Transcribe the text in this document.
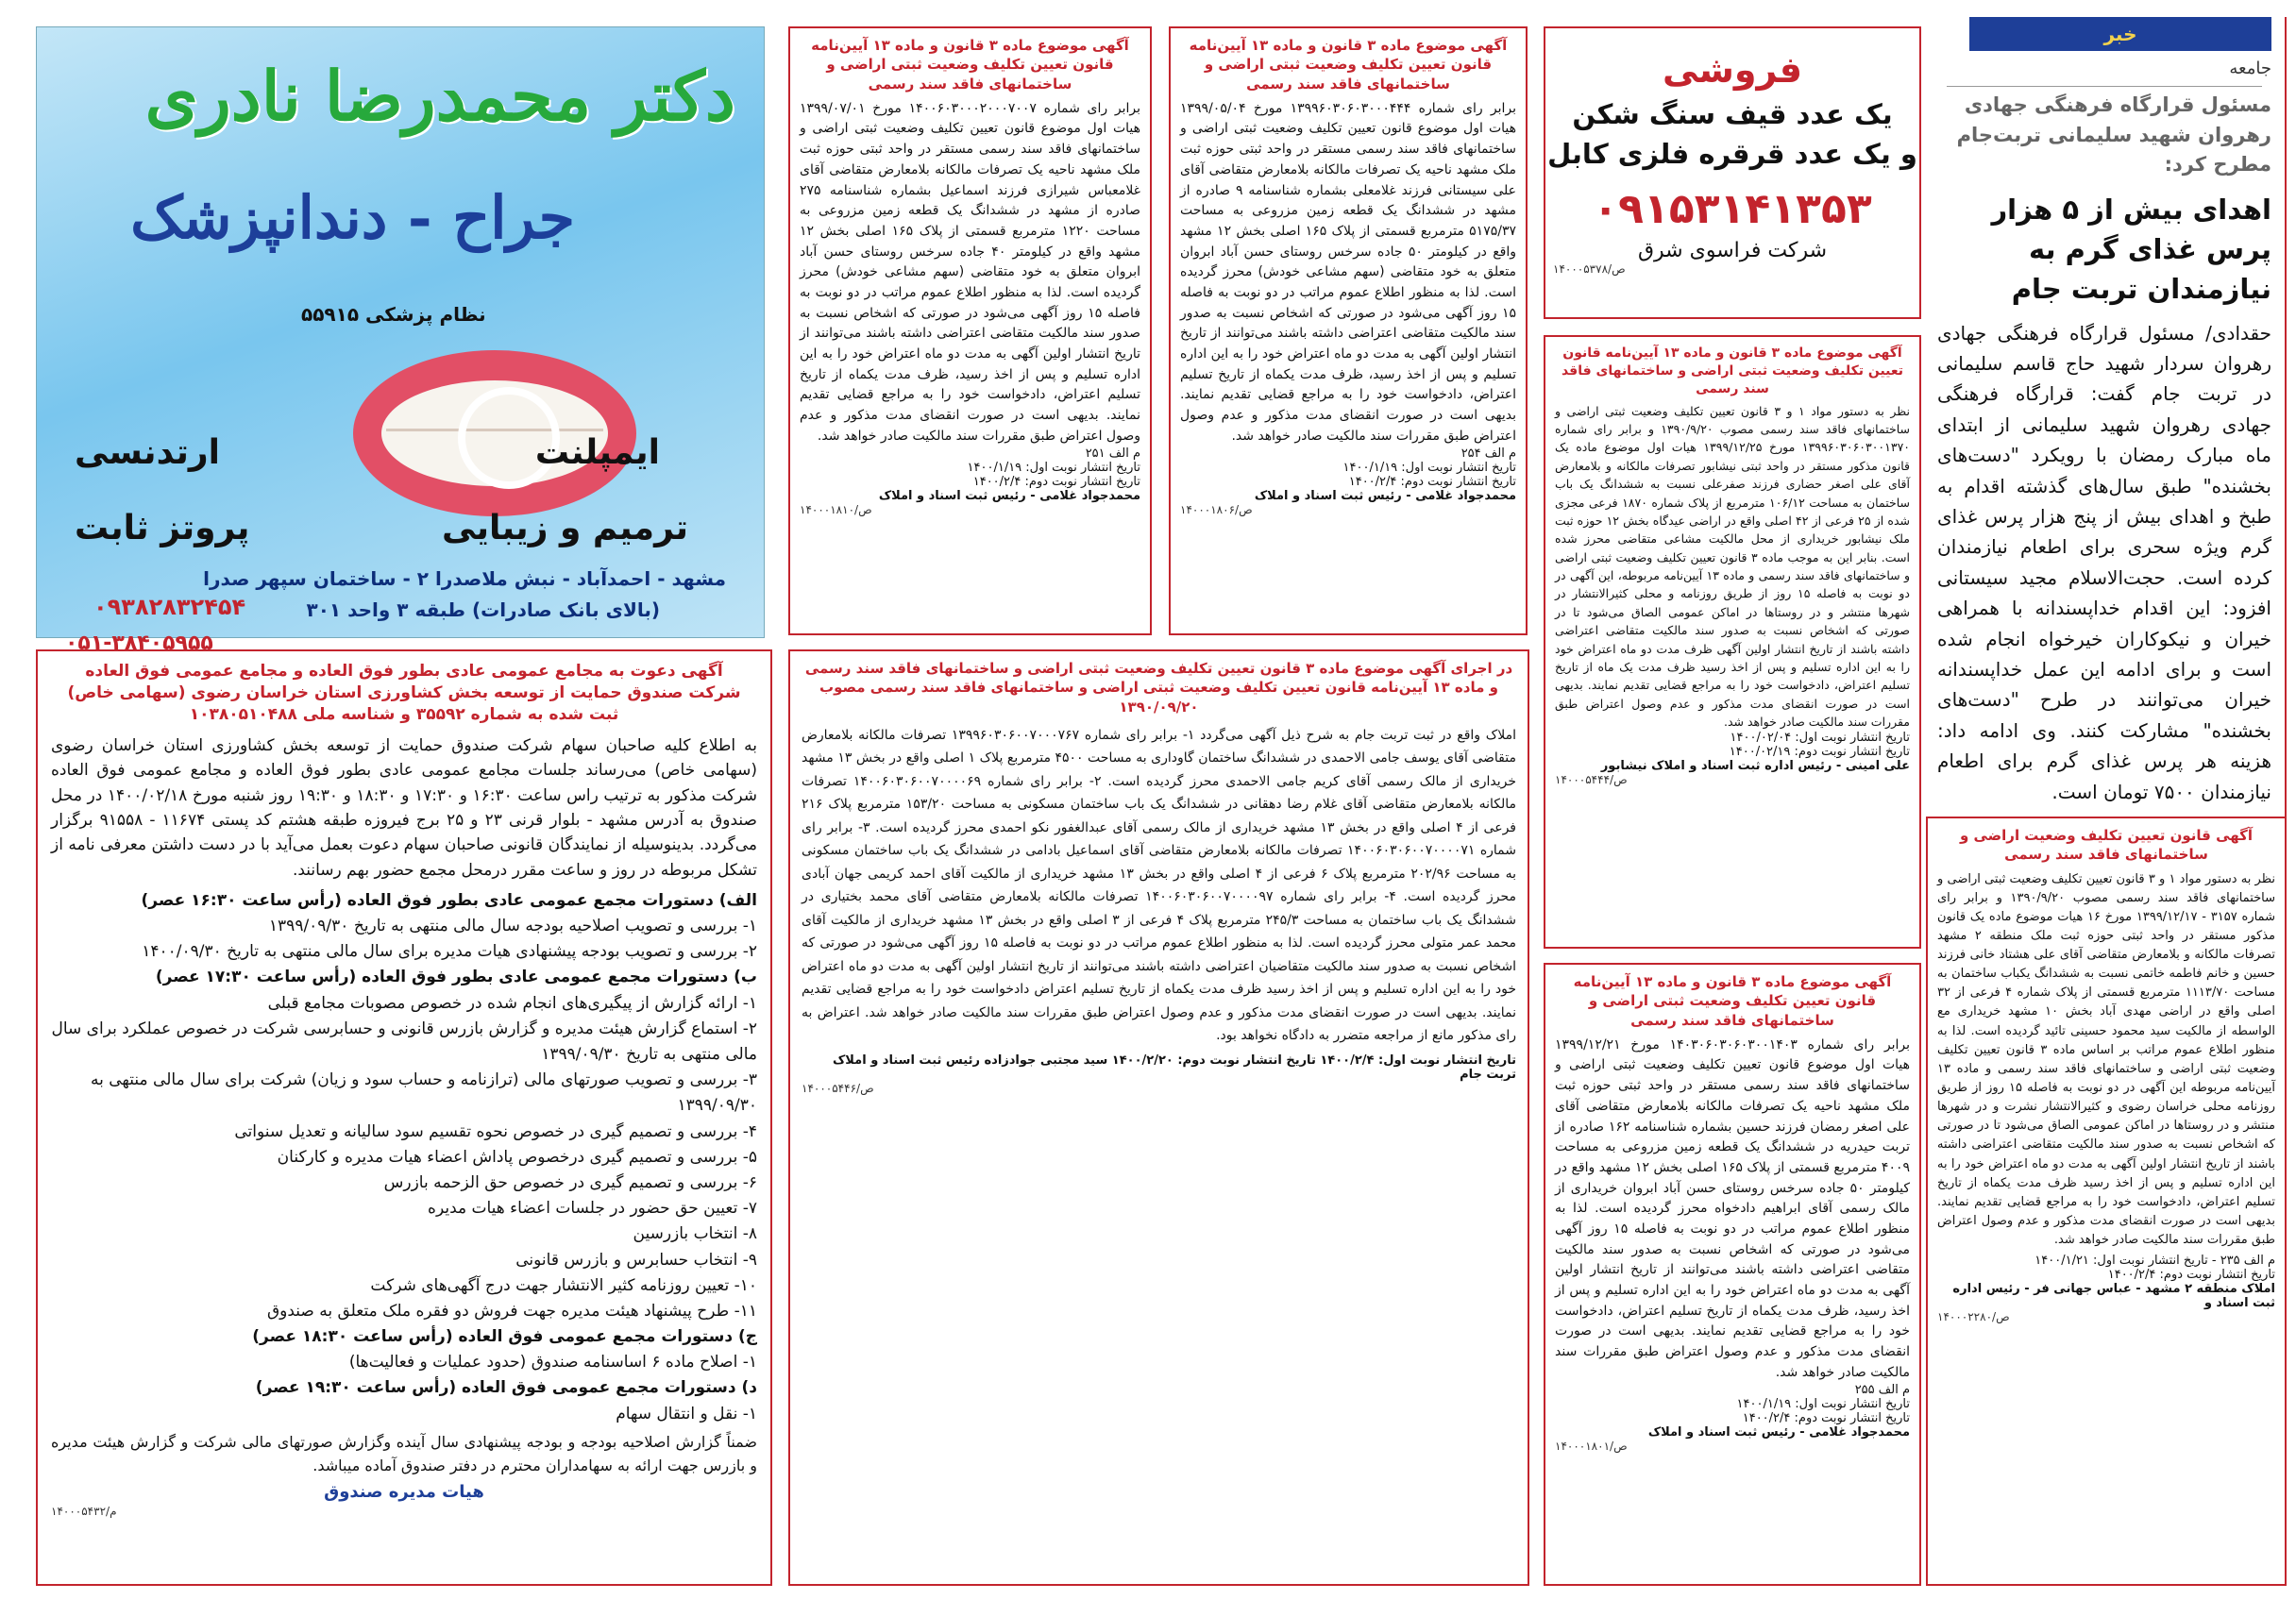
خبر
جامعه
مسئول قرارگاه فرهنگی جهادی رهروان شهید سلیمانی تربت‌جام مطرح کرد:
اهدای بیش از ۵ هزار پرس غذای گرم به نیازمندان تربت جام
حقدادی/ مسئول قرارگاه فرهنگی جهادی رهروان سردار شهید حاج قاسم سلیمانی در تربت جام گفت: قرارگاه فرهنگی جهادی رهروان شهید سلیمانی از ابتدای ماه مبارک رمضان با رویکرد "دست‌های بخشنده" طبق سال‌های گذشته اقدام به طبخ و اهدای بیش از پنج هزار پرس غذای گرم ویژه سحری برای اطعام نیازمندان کرده است. حجت‌الاسلام مجید سیستانی افزود: این اقدام خداپسندانه با همراهی خیران و نیکوکاران خیرخواه انجام شده است و برای ادامه این عمل خداپسندانه خیران می‌توانند در طرح "دست‌های بخشنده" مشارکت کنند. وی ادامه داد: هزینه هر پرس غذای گرم برای اطعام نیازمندان ۷۵۰۰ تومان است.
آگهی قانون تعیین تکلیف وضعیت اراضی و ساختمانهای فاقد سند رسمی
نظر به دستور مواد ۱ و ۳ قانون تعیین تکلیف وضعیت ثبتی اراضی و ساختمانهای فاقد سند رسمی مصوب ۱۳۹۰/۹/۲۰ و برابر رای شماره ۳۱۵۷ - ۱۳۹۹/۱۲/۱۷ مورخ ۱۶ هیات موضوع ماده یک قانون مذکور مستقر در واحد ثبتی حوزه ثبت ملک منطقه ۲ مشهد تصرفات مالکانه و بلامعارض متقاضی آقای علی هشتاد خانی فرزند حسین و خانم فاطمه خاتمی نسبت به ششدانگ یکباب ساختمان به مساحت ۱۱۱۳/۷۰ مترمربع قسمتی از پلاک شماره ۴ فرعی از ۳۲ اصلی واقع در اراضی مهدی آباد بخش ۱۰ مشهد خریداری مع الواسطه از مالکیت سید محمود حسینی تائید گردیده است. لذا به منظور اطلاع عموم مراتب بر اساس ماده ۳ قانون تعیین تکلیف وضعیت ثبتی اراضی و ساختمانهای فاقد سند رسمی و ماده ۱۳ آیین‌نامه مربوطه این آگهی در دو نوبت به فاصله ۱۵ روز از طریق روزنامه محلی خراسان رضوی و کثیرالانتشار نشرت و در شهرها منتشر و در روستاها در اماکن عمومی الصاق می‌شود تا در صورتی که اشخاص نسبت به صدور سند مالکیت متقاضی اعتراضی داشته باشند از تاریخ انتشار اولین آگهی به مدت دو ماه اعتراض خود را به این اداره تسلیم و پس از اخذ رسید ظرف مدت یکماه از تاریخ تسلیم اعتراض، دادخواست خود را به مراجع قضایی تقدیم نمایند. بدیهی است در صورت انقضای مدت مذکور و عدم وصول اعتراض طبق مقررات سند مالکیت صادر خواهد شد.
م الف ۲۳۵ - تاریخ انتشار نوبت اول: ۱۴۰۰/۱/۲۱
تاریخ انتشار نوبت دوم: ۱۴۰۰/۲/۴
املاک منطقه ۲ مشهد - عباس جهانی فر - رئیس اداره ثبت اسناد و
۱۴۰۰۰۲۲۸۰/ص
فروشی
یک عدد قیف سنگ شکن
و یک عدد قرقره فلزی کابل
۰۹۱۵۳۱۴۱۳۵۳
شرکت فراسوی شرق
۱۴۰۰۰۵۳۷۸/ص
آگهی موضوع ماده ۳ قانون و ماده ۱۳ آیین‌نامه قانون تعیین تکلیف وضعیت ثبتی اراضی و ساختمانهای فاقد سند رسمی
نظر به دستور مواد ۱ و ۳ قانون تعیین تکلیف وضعیت ثبتی اراضی و ساختمانهای فاقد سند رسمی مصوب ۱۳۹۰/۹/۲۰ و برابر رای شماره ۱۳۹۹۶۰۳۰۶۰۳۰۰۱۳۷۰ مورخ ۱۳۹۹/۱۲/۲۵ هیات اول موضوع ماده یک قانون مذکور مستقر در واحد ثبتی نیشابور تصرفات مالکانه و بلامعارض آقای علی اصغر حضاری فرزند صفرعلی نسبت به ششدانگ یک باب ساختمان به مساحت ۱۰۶/۱۲ مترمربع از پلاک شماره ۱۸۷۰ فرعی مجزی شده از ۲۵ فرعی از ۴۲ اصلی واقع در اراضی عیدگاه بخش ۱۲ حوزه ثبت ملک نیشابور خریداری از محل مالکیت مشاعی متقاضی محرز شده است. بنابر این به موجب ماده ۳ قانون تعیین تکلیف وضعیت ثبتی اراضی و ساختمانهای فاقد سند رسمی و ماده ۱۳ آیین‌نامه مربوطه، این آگهی در دو نوبت به فاصله ۱۵ روز از طریق روزنامه و محلی کثیرالانتشار در شهرها منتشر و در روستاها در اماکن عمومی الصاق می‌شود تا در صورتی که اشخاص نسبت به صدور سند مالکیت متقاضی اعتراضی داشته باشند از تاریخ انتشار اولین آگهی ظرف مدت دو ماه اعتراض خود را به این اداره تسلیم و پس از اخذ رسید ظرف مدت یک ماه از تاریخ تسلیم اعتراض، دادخواست خود را به مراجع قضایی تقدیم نمایند. بدیهی است در صورت انقضای مدت مذکور و عدم وصول اعتراض طبق مقررات سند مالکیت صادر خواهد شد.
تاریخ انتشار نوبت اول: ۱۴۰۰/۰۲/۰۴
تاریخ انتشار نوبت دوم: ۱۴۰۰/۰۲/۱۹
علی امینی - رئیس اداره ثبت اسناد و املاک نیشابور
۱۴۰۰۰۵۴۴۴/ص
آگهی موضوع ماده ۳ قانون و ماده ۱۳ آیین‌نامه قانون تعیین تکلیف وضعیت ثبتی اراضی و ساختمانهای فاقد سند رسمی
برابر رای شماره ۱۴۰۳۰۶۰۳۰۶۰۳۰۰۱۴۰۳ مورخ ۱۳۹۹/۱۲/۲۱ هیات اول موضوع قانون تعیین تکلیف وضعیت ثبتی اراضی و ساختمانهای فاقد سند رسمی مستقر در واحد ثبتی حوزه ثبت ملک مشهد ناحیه یک تصرفات مالکانه بلامعارض متقاضی آقای علی اصغر رمضان فرزند حسین بشماره شناسنامه ۱۶۲ صادره از تربت حیدریه در ششدانگ یک قطعه زمین مزروعی به مساحت ۴۰۰۹ مترمربع قسمتی از پلاک ۱۶۵ اصلی بخش ۱۲ مشهد واقع در کیلومتر ۵۰ جاده سرخس روستای حسن آباد ابروان خریداری از مالک رسمی آقای ابراهیم دادخواه محرز گردیده است. لذا به منظور اطلاع عموم مراتب در دو نوبت به فاصله ۱۵ روز آگهی می‌شود در صورتی که اشخاص نسبت به صدور سند مالکیت متقاضی اعتراضی داشته باشند می‌توانند از تاریخ انتشار اولین آگهی به مدت دو ماه اعتراض خود را به این اداره تسلیم و پس از اخذ رسید، ظرف مدت یکماه از تاریخ تسلیم اعتراض، دادخواست خود را به مراجع قضایی تقدیم نمایند. بدیهی است در صورت انقضای مدت مذکور و عدم وصول اعتراض طبق مقررات سند مالکیت صادر خواهد شد.
م الف ۲۵۵
تاریخ انتشار نوبت اول: ۱۴۰۰/۱/۱۹
تاریخ انتشار نوبت دوم: ۱۴۰۰/۲/۴
محمدجواد غلامی - رئیس ثبت اسناد و املاک
۱۴۰۰۰۱۸۰۱/ص
آگهی موضوع ماده ۳ قانون و ماده ۱۳ آیین‌نامه قانون تعیین تکلیف وضعیت ثبتی اراضی و ساختمانهای فاقد سند رسمی
برابر رای شماره ۱۳۹۹۶۰۳۰۶۰۳۰۰۰۴۴۴ مورخ ۱۳۹۹/۰۵/۰۴ هیات اول موضوع قانون تعیین تکلیف وضعیت ثبتی اراضی و ساختمانهای فاقد سند رسمی مستقر در واحد ثبتی حوزه ثبت ملک مشهد ناحیه یک تصرفات مالکانه بلامعارض متقاضی آقای علی سیستانی فرزند غلامعلی بشماره شناسنامه ۹ صادره از مشهد در ششدانگ یک قطعه زمین مزروعی به مساحت ۵۱۷۵/۳۷ مترمربع قسمتی از پلاک ۱۶۵ اصلی بخش ۱۲ مشهد واقع در کیلومتر ۵۰ جاده سرخس روستای حسن آباد ابروان متعلق به خود متقاضی (سهم مشاعی خودش) محرز گردیده است. لذا به منظور اطلاع عموم مراتب در دو نوبت به فاصله ۱۵ روز آگهی می‌شود در صورتی که اشخاص نسبت به صدور سند مالکیت متقاضی اعتراضی داشته باشند می‌توانند از تاریخ انتشار اولین آگهی به مدت دو ماه اعتراض خود را به این اداره تسلیم و پس از اخذ رسید، ظرف مدت یکماه از تاریخ تسلیم اعتراض، دادخواست خود را به مراجع قضایی تقدیم نمایند. بدیهی است در صورت انقضای مدت مذکور و عدم وصول اعتراض طبق مقررات سند مالکیت صادر خواهد شد.
م الف ۲۵۴
تاریخ انتشار نوبت اول: ۱۴۰۰/۱/۱۹
تاریخ انتشار نوبت دوم: ۱۴۰۰/۲/۴
محمدجواد غلامی - رئیس ثبت اسناد و املاک
۱۴۰۰۰۱۸۰۶/ص
آگهی موضوع ماده ۳ قانون و ماده ۱۳ آیین‌نامه قانون تعیین تکلیف وضعیت ثبتی اراضی و ساختمانهای فاقد سند رسمی
برابر رای شماره ۱۴۰۰۶۰۳۰۰۰۲۰۰۰۷۰۰۷ مورخ ۱۳۹۹/۰۷/۰۱ هیات اول موضوع قانون تعیین تکلیف وضعیت ثبتی اراضی و ساختمانهای فاقد سند رسمی مستقر در واحد ثبتی حوزه ثبت ملک مشهد ناحیه یک تصرفات مالکانه بلامعارض متقاضی آقای غلامعباس شیرازی فرزند اسماعیل بشماره شناسنامه ۲۷۵ صادره از مشهد در ششدانگ یک قطعه زمین مزروعی به مساحت ۱۲۲۰ مترمربع قسمتی از پلاک ۱۶۵ اصلی بخش ۱۲ مشهد واقع در کیلومتر ۴۰ جاده سرخس روستای حسن آباد ابروان متعلق به خود متقاضی (سهم مشاعی خودش) محرز گردیده است. لذا به منظور اطلاع عموم مراتب در دو نوبت به فاصله ۱۵ روز آگهی می‌شود در صورتی که اشخاص نسبت به صدور سند مالکیت متقاضی اعتراضی داشته باشند می‌توانند از تاریخ انتشار اولین آگهی به مدت دو ماه اعتراض خود را به این اداره تسلیم و پس از اخذ رسید، ظرف مدت یکماه از تاریخ تسلیم اعتراض، دادخواست خود را به مراجع قضایی تقدیم نمایند. بدیهی است در صورت انقضای مدت مذکور و عدم وصول اعتراض طبق مقررات سند مالکیت صادر خواهد شد.
م الف ۲۵۱
تاریخ انتشار نوبت اول: ۱۴۰۰/۱/۱۹
تاریخ انتشار نوبت دوم: ۱۴۰۰/۲/۴
محمدجواد غلامی - رئیس ثبت اسناد و املاک
۱۴۰۰۰۱۸۱۰/ص
در اجرای آگهی موضوع ماده ۳ قانون تعیین تکلیف وضعیت ثبتی اراضی و ساختمانهای فاقد سند رسمی و ماده ۱۳ آیین‌نامه قانون تعیین تکلیف وضعیت ثبتی اراضی و ساختمانهای فاقد سند رسمی مصوب ۱۳۹۰/۰۹/۲۰
املاک واقع در ثبت تربت جام به شرح ذیل آگهی می‌گردد ۱- برابر رای شماره ۱۳۹۹۶۰۳۰۶۰۰۷۰۰۰۷۶۷ تصرفات مالکانه بلامعارض متقاضی آقای یوسف جامی الاحمدی در ششدانگ ساختمان گاوداری به مساحت ۴۵۰۰ مترمربع پلاک ۱ اصلی واقع در بخش ۱۳ مشهد خریداری از مالک رسمی آقای کریم جامی الاحمدی محرز گردیده است. ۲- برابر رای شماره ۱۴۰۰۶۰۳۰۶۰۰۷۰۰۰۰۶۹ تصرفات مالکانه بلامعارض متقاضی آقای غلام رضا دهقانی در ششدانگ یک باب ساختمان مسکونی به مساحت ۱۵۳/۲۰ مترمربع پلاک ۲۱۶ فرعی از ۴ اصلی واقع در بخش ۱۳ مشهد خریداری از مالک رسمی آقای عبدالغفور نکو احمدی محرز گردیده است. ۳- برابر رای شماره ۱۴۰۰۶۰۳۰۶۰۰۷۰۰۰۰۷۱ تصرفات مالکانه بلامعارض متقاضی آقای اسماعیل بادامی در ششدانگ یک باب ساختمان مسکونی به مساحت ۲۰۲/۹۶ مترمربع پلاک ۶ فرعی از ۴ اصلی واقع در بخش ۱۳ مشهد خریداری از مالکیت آقای احمد کریمی جهان آبادی محرز گردیده است. ۴- برابر رای شماره ۱۴۰۰۶۰۳۰۶۰۰۷۰۰۰۰۹۷ تصرفات مالکانه بلامعارض متقاضی آقای محمد بختیاری در ششدانگ یک باب ساختمان به مساحت ۲۴۵/۳ مترمربع پلاک ۴ فرعی از ۳ اصلی واقع در بخش ۱۳ مشهد خریداری از مالکیت آقای محمد عمر متولی محرز گردیده است. لذا به منظور اطلاع عموم مراتب در دو نوبت به فاصله ۱۵ روز آگهی می‌شود در صورتی که اشخاص نسبت به صدور سند مالکیت متقاضیان اعتراضی داشته باشند می‌توانند از تاریخ انتشار اولین آگهی به مدت دو ماه اعتراض خود را به این اداره تسلیم و پس از اخذ رسید ظرف مدت یکماه از تاریخ تسلیم اعتراض دادخواست خود را به مراجع قضایی تقدیم نمایند. بدیهی است در صورت انقضای مدت مذکور و عدم وصول اعتراض طبق مقررات سند مالکیت صادر خواهد شد. اعتراض به رای مذکور مانع از مراجعه متضرر به دادگاه نخواهد بود.
تاریخ انتشار نوبت اول: ۱۴۰۰/۲/۴ تاریخ انتشار نوبت دوم: ۱۴۰۰/۲/۲۰ سید مجتبی جوادزاده رئیس ثبت اسناد و املاک تربت جام
۱۴۰۰۰۵۴۴۶/ص
دکتر محمدرضا نادری
جراح - دندانپزشک
نظام پزشکی ۵۵۹۱۵
ایمپلنت
ارتدنسی
ترمیم و زیبایی
پروتز ثابت
مشهد - احمدآباد - نبش ملاصدرا ۲ - ساختمان سپهر صدرا
(بالای بانک صادرات) طبقه ۳ واحد ۳۰۱
۰۹۳۸۲۸۳۲۴۵۴
۰۵۱-۳۸۴۰۵۹۵۵
آگهی دعوت به مجامع عمومی عادی بطور فوق العاده و مجامع عمومی فوق العاده
شرکت صندوق حمایت از توسعه بخش کشاورزی استان خراسان رضوی (سهامی خاص)
ثبت شده به شماره ۳۵۵۹۲ و شناسه ملی ۱۰۳۸۰۵۱۰۴۸۸
به اطلاع کلیه صاحبان سهام شرکت صندوق حمایت از توسعه بخش کشاورزی استان خراسان رضوی (سهامی خاص) می‌رساند جلسات مجامع عمومی عادی بطور فوق العاده و مجامع عمومی فوق العاده شرکت مذکور به ترتیب راس ساعت ۱۶:۳۰ و ۱۷:۳۰ و ۱۸:۳۰ و ۱۹:۳۰ روز شنبه مورخ ۱۴۰۰/۰۲/۱۸ در محل صندوق به آدرس مشهد - بلوار قرنی ۲۳ و ۲۵ برج فیروزه طبقه هشتم کد پستی ۱۱۶۷۴ - ۹۱۵۵۸ برگزار می‌گردد. بدینوسیله از نمایندگان قانونی صاحبان سهام دعوت بعمل می‌آید با در دست داشتن معرفی نامه از تشکل مربوطه در روز و ساعت مقرر درمحل مجمع حضور بهم رسانند.
الف) دستورات مجمع عمومی عادی بطور فوق العاده (رأس ساعت ۱۶:۳۰ عصر)
۱- بررسی و تصویب اصلاحیه بودجه سال مالی منتهی به تاریخ ۱۳۹۹/۰۹/۳۰
۲- بررسی و تصویب بودجه پیشنهادی هیات مدیره برای سال مالی منتهی به تاریخ ۱۴۰۰/۰۹/۳۰
ب) دستورات مجمع عمومی عادی بطور فوق العاده (رأس ساعت ۱۷:۳۰ عصر)
۱- ارائه گزارش از پیگیری‌های انجام شده در خصوص مصوبات مجامع قبلی
۲- استماع گزارش هیئت مدیره و گزارش بازرس قانونی و حسابرسی شرکت در خصوص عملکرد برای سال مالی منتهی به تاریخ ۱۳۹۹/۰۹/۳۰
۳- بررسی و تصویب صورتهای مالی (ترازنامه و حساب سود و زیان) شرکت برای سال مالی منتهی به ۱۳۹۹/۰۹/۳۰
۴- بررسی و تصمیم گیری در خصوص نحوه تقسیم سود سالیانه و تعدیل سنواتی
۵- بررسی و تصمیم گیری درخصوص پاداش اعضاء هیات مدیره و کارکنان
۶- بررسی و تصمیم گیری در خصوص حق الزحمه بازرس
۷- تعیین حق حضور در جلسات اعضاء هیات مدیره
۸- انتخاب بازرسین
۹- انتخاب حسابرس و بازرس قانونی
۱۰- تعیین روزنامه کثیر الانتشار جهت درج آگهی‌های شرکت
۱۱- طرح پیشنهاد هیئت مدیره جهت فروش دو فقره ملک متعلق به صندوق
ج) دستورات مجمع عمومی فوق العاده (رأس ساعت ۱۸:۳۰ عصر)
۱- اصلاح ماده ۶ اساسنامه صندوق (حدود عملیات و فعالیت‌ها)
د) دستورات مجمع عمومی فوق العاده (رأس ساعت ۱۹:۳۰ عصر)
۱- نقل و انتقال سهام
ضمناً گزارش اصلاحیه بودجه و بودجه پیشنهادی سال آینده وگزارش صورتهای مالی شرکت و گزارش هیئت مدیره و بازرس جهت ارائه به سهامداران محترم در دفتر صندوق آماده میباشد.
هیات مدیره صندوق
۱۴۰۰۰۵۴۳۲/م
